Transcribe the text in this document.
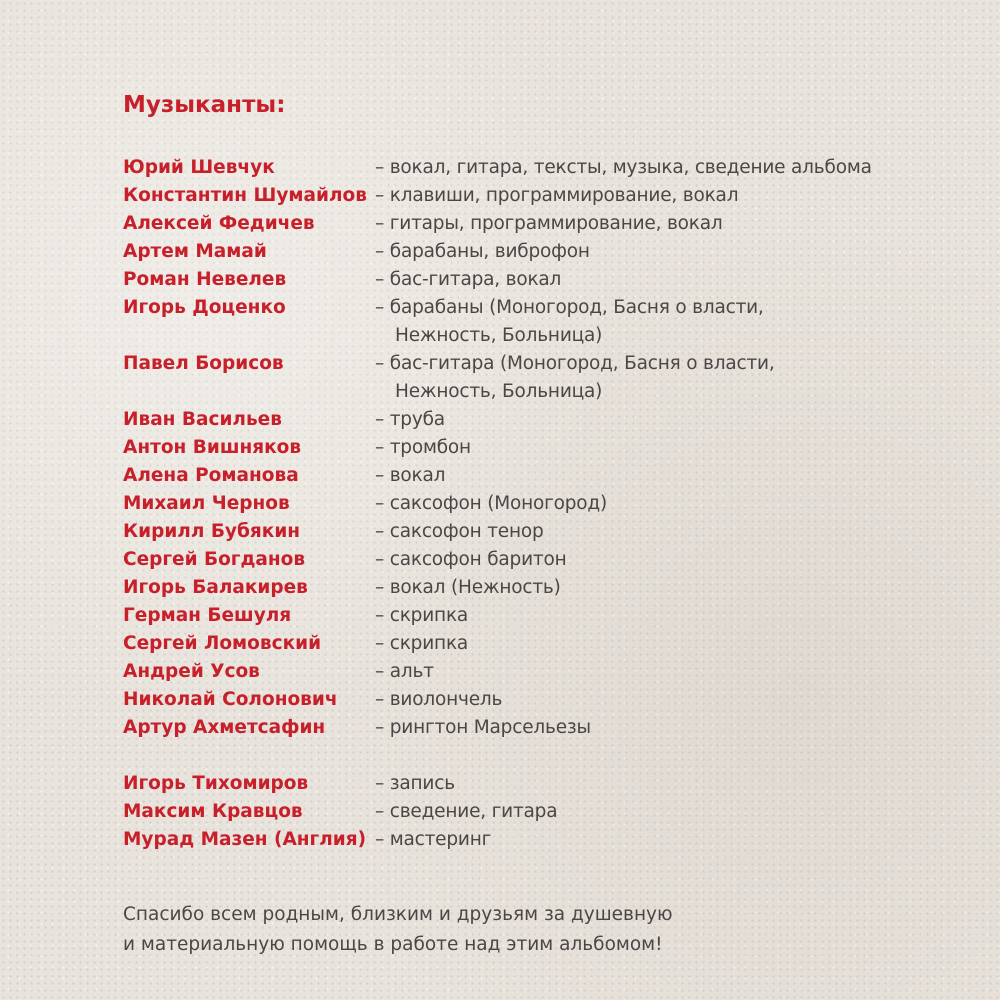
Музыканты:
Юрий Шевчук	– вокал, гитара, тексты, музыка, сведение альбома
Константин Шумайлов – клавиши, программирование, вокал
Алексей Федичев	– гитары, программирование, вокал
Артем Мамай	– барабаны, виброфон
Роман Невелев	– бас-гитара, вокал
Игорь Доценко	– барабаны (Моногород, Басня о власти,
Нежность, Больница)
Павел Борисов	– бас-гитара (Моногород, Басня о власти,
Нежность, Больница)
Иван Васильев	– труба
Антон Вишняков	– тромбон
Алена Романова	– вокал
Михаил Чернов	– саксофон (Моногород)
Кирилл Бубякин	– саксофон тенор
Сергей Богданов	– саксофон баритон
Игорь Балакирев	– вокал (Нежность)
Герман Бешуля	– скрипка
Сергей Ломовский	– скрипка
Андрей Усов	– альт
Николай Солонович	– виолончель
Артур Ахметсафин	– рингтон Марсельезы
Игорь Тихомиров	– запись
Максим Кравцов	– сведение, гитара
Мурад Мазен (Англия) – мастеринг
Спасибо всем родным, близким и друзьям за душевную
и материальную помощь в работе над этим альбомом!
